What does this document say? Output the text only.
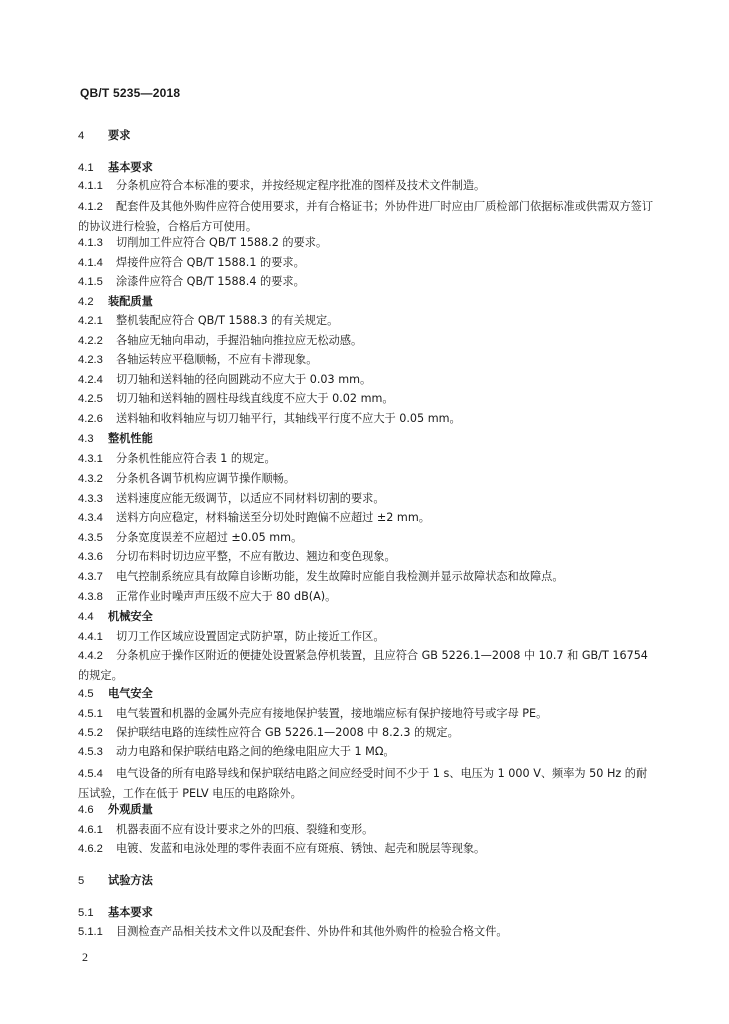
QB/T 5235—2018
4 要求
4.1 基本要求
4.1.1 分条机应符合本标准的要求，并按经规定程序批准的图样及技术文件制造。
4.1.2 配套件及其他外购件应符合使用要求，并有合格证书；外协件进厂时应由厂质检部门依据标准或供需双方签订的协议进行检验，合格后方可使用。
4.1.3 切削加工件应符合 QB/T 1588.2 的要求。
4.1.4 焊接件应符合 QB/T 1588.1 的要求。
4.1.5 涂漆件应符合 QB/T 1588.4 的要求。
4.2 装配质量
4.2.1 整机装配应符合 QB/T 1588.3 的有关规定。
4.2.2 各轴应无轴向串动，手握沿轴向推拉应无松动感。
4.2.3 各轴运转应平稳顺畅，不应有卡滞现象。
4.2.4 切刀轴和送料轴的径向圆跳动不应大于 0.03 mm。
4.2.5 切刀轴和送料轴的圆柱母线直线度不应大于 0.02 mm。
4.2.6 送料轴和收料轴应与切刀轴平行，其轴线平行度不应大于 0.05 mm。
4.3 整机性能
4.3.1 分条机性能应符合表 1 的规定。
4.3.2 分条机各调节机构应调节操作顺畅。
4.3.3 送料速度应能无级调节，以适应不同材料切割的要求。
4.3.4 送料方向应稳定，材料输送至分切处时跑偏不应超过 ±2 mm。
4.3.5 分条宽度误差不应超过 ±0.05 mm。
4.3.6 分切布料时切边应平整，不应有散边、翘边和变色现象。
4.3.7 电气控制系统应具有故障自诊断功能，发生故障时应能自我检测并显示故障状态和故障点。
4.3.8 正常作业时噪声声压级不应大于 80 dB(A)。
4.4 机械安全
4.4.1 切刀工作区域应设置固定式防护罩，防止接近工作区。
4.4.2 分条机应于操作区附近的便捷处设置紧急停机装置，且应符合 GB 5226.1—2008 中 10.7 和 GB/T 16754 的规定。
4.5 电气安全
4.5.1 电气装置和机器的金属外壳应有接地保护装置，接地端应标有保护接地符号或字母 PE。
4.5.2 保护联结电路的连续性应符合 GB 5226.1—2008 中 8.2.3 的规定。
4.5.3 动力电路和保护联结电路之间的绝缘电阻应大于 1 MΩ。
4.5.4 电气设备的所有电路导线和保护联结电路之间应经受时间不少于 1 s、电压为 1 000 V、频率为 50 Hz 的耐压试验，工作在低于 PELV 电压的电路除外。
4.6 外观质量
4.6.1 机器表面不应有设计要求之外的凹痕、裂缝和变形。
4.6.2 电镀、发蓝和电泳处理的零件表面不应有斑痕、锈蚀、起壳和脱层等现象。
5 试验方法
5.1 基本要求
5.1.1 目测检查产品相关技术文件以及配套件、外协件和其他外购件的检验合格文件。
2
